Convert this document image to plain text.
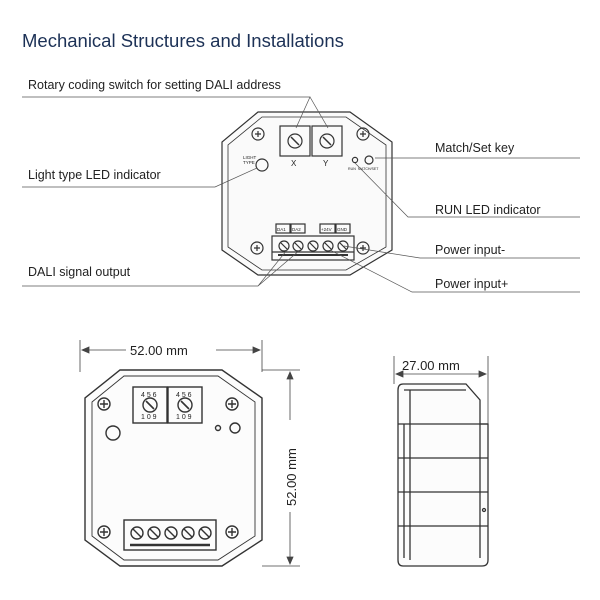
Mechanical Structures and Installations
LIGHT
TYPE	X	Y
RUN MATCH/SET
DA1 DA2	+24V GND
Rotary coding switch for setting DALI address
Light type LED indicator
Match/Set key
RUN LED indicator
Power input-
Power input+
DALI signal output
4 5 6
1 0 9
4 5 6
1 0 9
52.00 mm
52.00 mm
27.00 mm
